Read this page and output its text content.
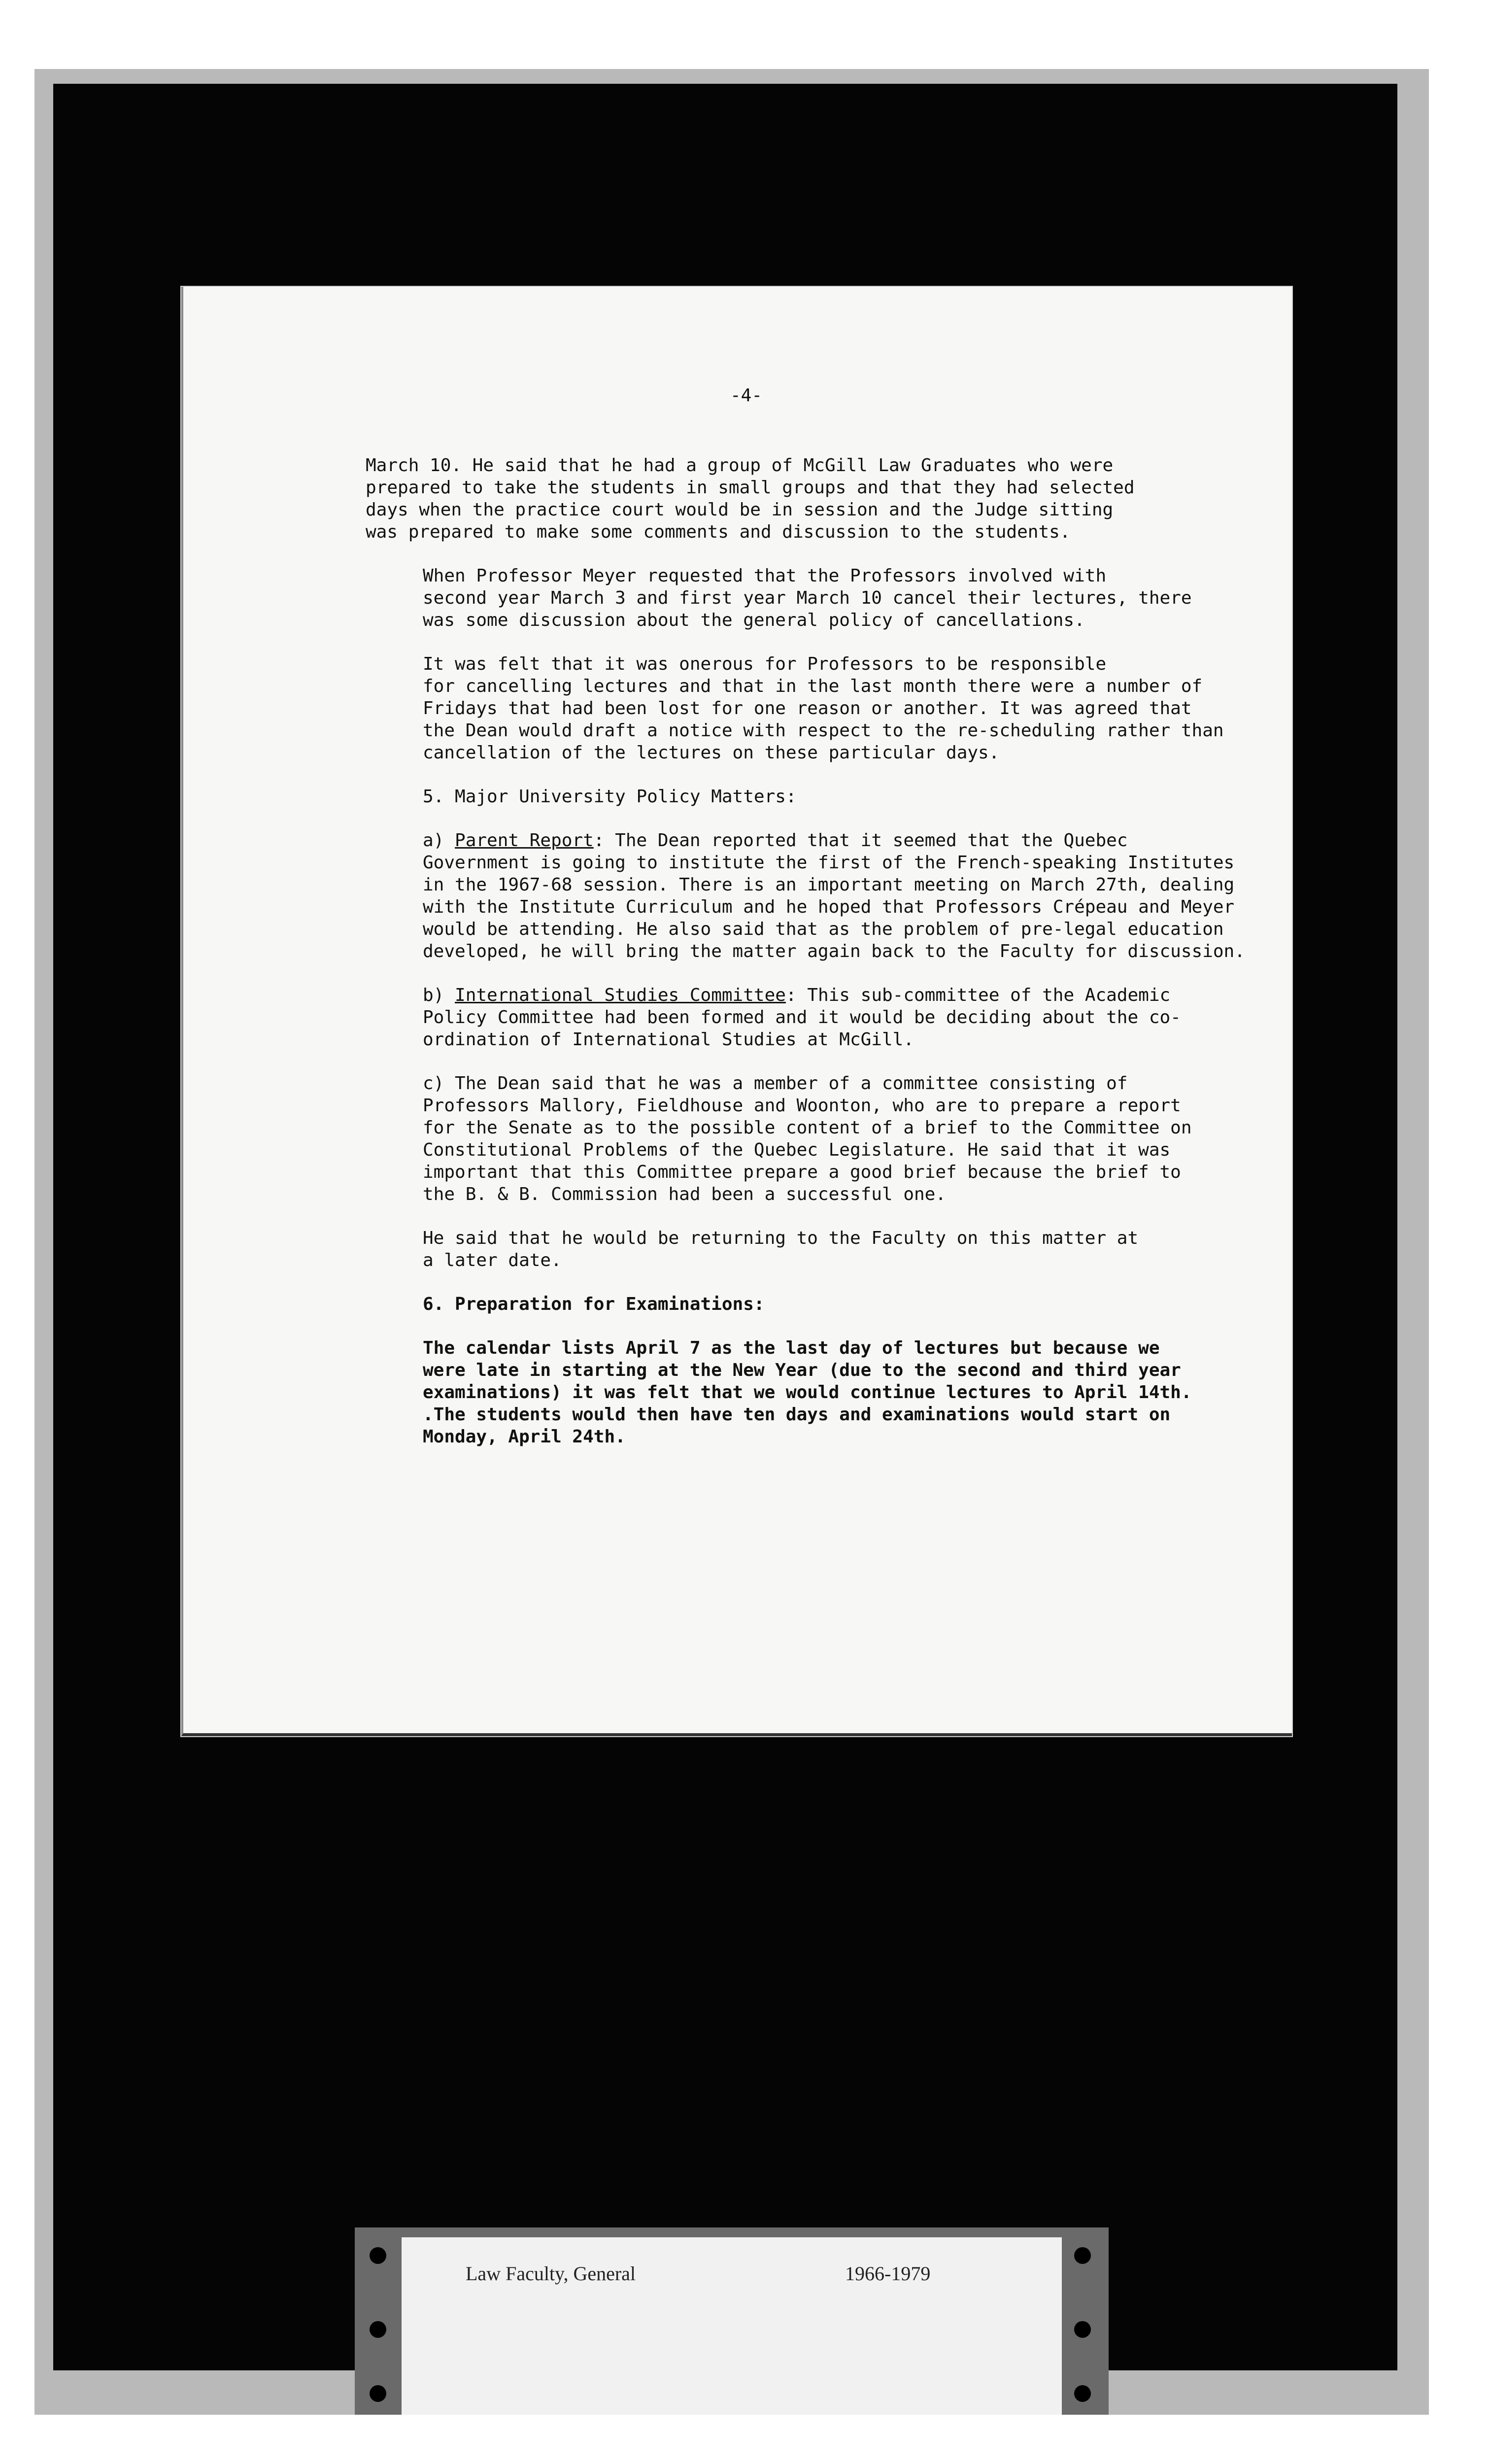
-4-

March 10. He said that he had a group of McGill Law Graduates who were
prepared to take the students in small groups and that they had selected
days when the practice court would be in session and the Judge sitting
was prepared to make some comments and discussion to the students.

When Professor Meyer requested that the Professors involved with
second year March 3 and first year March 10 cancel their lectures, there
was some discussion about the general policy of cancellations.

It was felt that it was onerous for Professors to be responsible
for cancelling lectures and that in the last month there were a number of
Fridays that had been lost for one reason or another. It was agreed that
the Dean would draft a notice with respect to the re-scheduling rather than
cancellation of the lectures on these particular days.

5. Major University Policy Matters:

a) Parent Report: The Dean reported that it seemed that the Quebec
Government is going to institute the first of the French-speaking Institutes
in the 1967-68 session. There is an important meeting on March 27th, dealing
with the Institute Curriculum and he hoped that Professors Crépeau and Meyer
would be attending. He also said that as the problem of pre-legal education
developed, he will bring the matter again back to the Faculty for discussion.

b) International Studies Committee: This sub-committee of the Academic
Policy Committee had been formed and it would be deciding about the co-
ordination of International Studies at McGill.

c) The Dean said that he was a member of a committee consisting of
Professors Mallory, Fieldhouse and Woonton, who are to prepare a report
for the Senate as to the possible content of a brief to the Committee on
Constitutional Problems of the Quebec Legislature. He said that it was
important that this Committee prepare a good brief because the brief to
the B. & B. Commission had been a successful one.

He said that he would be returning to the Faculty on this matter at
a later date.

6. Preparation for Examinations:

The calendar lists April 7 as the last day of lectures but because we
were late in starting at the New Year (due to the second and third year
examinations) it was felt that we would continue lectures to April 14th.
.The students would then have ten days and examinations would start on
Monday, April 24th.

Law Faculty, General	1966-1979
